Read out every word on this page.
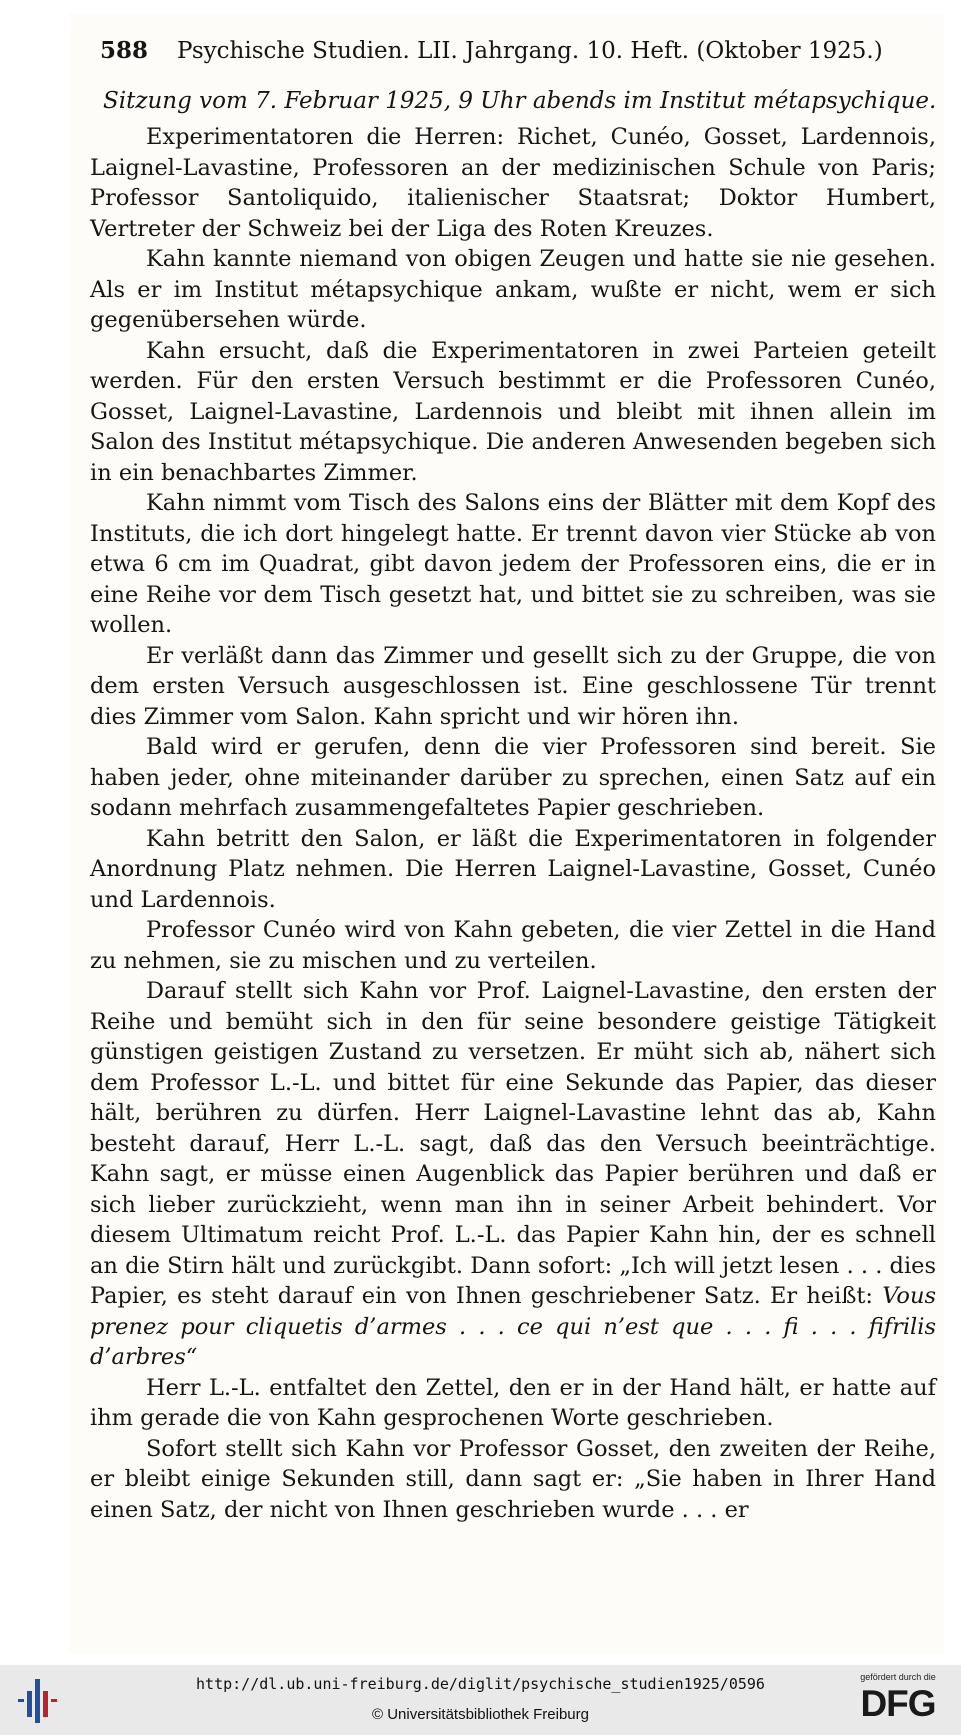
588 Psychische Studien. LII. Jahrgang. 10. Heft. (Oktober 1925.)
Sitzung vom 7. Februar 1925, 9 Uhr abends im Institut métapsychique.

Experimentatoren die Herren: Richet, Cunéo, Gosset, Lardennois, Laignel-Lavastine, Professoren an der medizinischen Schule von Paris; Professor Santoliquido, italienischer Staatsrat; Doktor Humbert, Vertreter der Schweiz bei der Liga des Roten Kreuzes.

Kahn kannte niemand von obigen Zeugen und hatte sie nie gesehen. Als er im Institut métapsychique ankam, wußte er nicht, wem er sich gegenübersehen würde.

Kahn ersucht, daß die Experimentatoren in zwei Parteien geteilt werden. Für den ersten Versuch bestimmt er die Professoren Cunéo, Gosset, Laignel-Lavastine, Lardennois und bleibt mit ihnen allein im Salon des Institut métapsychique. Die anderen Anwesenden begeben sich in ein benachbartes Zimmer.

Kahn nimmt vom Tisch des Salons eins der Blätter mit dem Kopf des Instituts, die ich dort hingelegt hatte. Er trennt davon vier Stücke ab von etwa 6 cm im Quadrat, gibt davon jedem der Professoren eins, die er in eine Reihe vor dem Tisch gesetzt hat, und bittet sie zu schreiben, was sie wollen.

Er verläßt dann das Zimmer und gesellt sich zu der Gruppe, die von dem ersten Versuch ausgeschlossen ist. Eine geschlossene Tür trennt dies Zimmer vom Salon. Kahn spricht und wir hören ihn.

Bald wird er gerufen, denn die vier Professoren sind bereit. Sie haben jeder, ohne miteinander darüber zu sprechen, einen Satz auf ein sodann mehrfach zusammengefaltetes Papier geschrieben.

Kahn betritt den Salon, er läßt die Experimentatoren in folgender Anordnung Platz nehmen. Die Herren Laignel-Lavastine, Gosset, Cunéo und Lardennois.

Professor Cunéo wird von Kahn gebeten, die vier Zettel in die Hand zu nehmen, sie zu mischen und zu verteilen.

Darauf stellt sich Kahn vor Prof. Laignel-Lavastine, den ersten der Reihe und bemüht sich in den für seine besondere geistige Tätigkeit günstigen geistigen Zustand zu versetzen. Er müht sich ab, nähert sich dem Professor L.-L. und bittet für eine Sekunde das Papier, das dieser hält, berühren zu dürfen. Herr Laignel-Lavastine lehnt das ab, Kahn besteht darauf, Herr L.-L. sagt, daß das den Versuch beeinträchtige. Kahn sagt, er müsse einen Augenblick das Papier berühren und daß er sich lieber zurückzieht, wenn man ihn in seiner Arbeit behindert. Vor diesem Ultimatum reicht Prof. L.-L. das Papier Kahn hin, der es schnell an die Stirn hält und zurückgibt. Dann sofort: „Ich will jetzt lesen . . . dies Papier, es steht darauf ein von Ihnen geschriebener Satz. Er heißt: Vous prenez pour cliquetis d’armes . . . ce qui n’est que . . . fi . . . fifrilis d’arbres“

Herr L.-L. entfaltet den Zettel, den er in der Hand hält, er hatte auf ihm gerade die von Kahn gesprochenen Worte geschrieben.

Sofort stellt sich Kahn vor Professor Gosset, den zweiten der Reihe, er bleibt einige Sekunden still, dann sagt er: „Sie haben in Ihrer Hand einen Satz, der nicht von Ihnen geschrieben wurde . . . er

http://dl.ub.uni-freiburg.de/diglit/psychische_studien1925/0596
© Universitätsbibliothek Freiburg
gefördert durch die
DFG
